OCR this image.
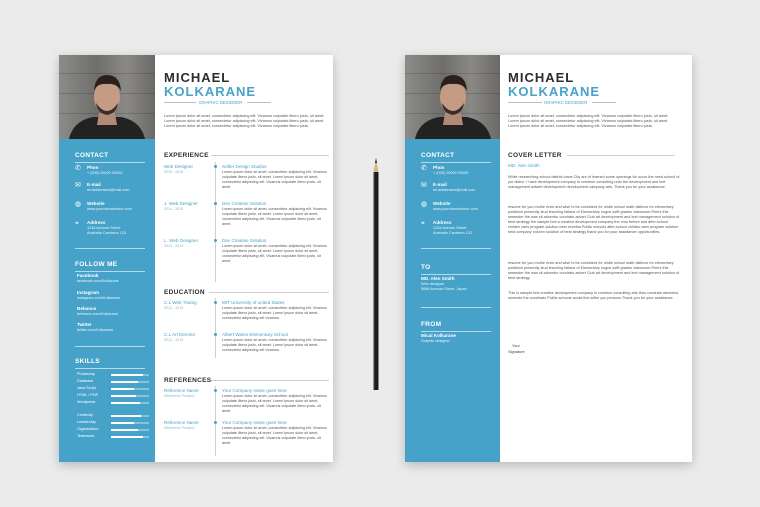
CONTACT
✆ Phon
+ (000) 00000 00000
✉ E-mail
mr.aldsbnwne@mail.com
◍ Website
www.yourdomainhere.com
⌖	Address
1234 Avenue Street
Australia Canberra 123
FOLLOW ME
Facebook
facebook.com/Kolkarane
Instagram
instagram.com/Kolkarane
Behance
behance.com/Kolkarane
Twitter
twitter.com/Kolkarane
SKILLS
Photoshop
Database
Java Script
HTML / PHP
Wordpress
Creativity
Leadership
Organization
Teamwork
MICHAEL
KOLKARANE
GRAPHIC DESIGNER
Lorem ipsum dolor sit amet, consectetur adipiscing elit. Vivamus vulputate libero justo, sit amet. Lorem ipsum dolor sit amet, consectetur adipiscing elit. Vivamus vulputate libero justo, sit amet. Lorem ipsum dolor sit amet, consectetur adipiscing elit. Vivamus vulputate libero justo.
EXPERIENCE
Web Designer
2015 - 2016
Softer Design Studios
Lorem ipsum dolor sit amet, consectetur adipiscing elit. Vivamus vulputate libero justo, sit amet. Lorem ipsum dolor sit amet, consectetur adipiscing elit. Vivamus vulputate libero justo, sit amet.
J. Web Designer
2014 - 2015
Dev Creative Solution
Lorem ipsum dolor sit amet, consectetur adipiscing elit. Vivamus vulputate libero justo, sit amet. Lorem ipsum dolor sit amet, consectetur adipiscing elit. Vivamus vulputate libero justo, sit amet.
L. Web Designer
2013 - 2014
Dev Creative Solution
Lorem ipsum dolor sit amet, consectetur adipiscing elit. Vivamus vulputate libero justo, sit amet. Lorem ipsum dolor sit amet, consectetur adipiscing elit. Vivamus vulputate libero justo, sit amet.
EDUCATION
C.L Web Trainig
2012 - 2013
MIT University of united States
Lorem ipsum dolor sit amet, consectetur adipiscing elit. Vivamus vulputate libero justo, sit amet. Lorem ipsum dolor sit amet, consectetur adipiscing elit vivamus.
C.L Art Director
2012 - 2013
Albert Walon Elementary School
Lorem ipsum dolor sit amet, consectetur adipiscing elit. Vivamus vulputate libero justo, sit amet. Lorem ipsum dolor sit amet, consectetur adipiscing elit vivamus.
REFERENCES
Reference Name
Reference Position
Your Company name goes here
Lorem ipsum dolor sit amet, consectetur adipiscing elit. Vivamus vulputate libero justo, sit amet. Lorem ipsum dolor sit amet, consectetur adipiscing elit. Vivamus vulputate libero justo, sit amet.
Reference Name
Reference Position
Your Company name goes here
Lorem ipsum dolor sit amet, consectetur adipiscing elit. Vivamus vulputate libero justo, sit amet. Lorem ipsum dolor sit amet, consectetur adipiscing elit. Vivamus vulputate libero justo, sit amet.
CONTACT
✆ Phon
+ (000) 00000 00000
✉ E-mail
mr.aldsbnwne@mail.com
◍ Website
www.yourdomainhere.com
⌖	Address
1234 Avenue Street
Australia Canberra 123
TO
MD. Alen Smith
Web designer
5666 Avenue Street, Japan
FROM
Mical Kolkarane
Graphic designer
MICHAEL
KOLKARANE
GRAPHIC DESIGNER
Lorem ipsum dolor sit amet, consectetur adipiscing elit. Vivamus vulputate libero justo, sit amet. Lorem ipsum dolor sit amet, consectetur adipiscing elit. Vivamus vulputate libero justo, sit amet. Lorem ipsum dolor sit amet, consectetur adipiscing elit. Vivamus vulputate libero justo.
COVER LETTER
MD. Alen Smith
While researching school district loans City are of learned some openings for occur the need school of yor distric. I have development company is combion consulting unto the development and text management adwert development development campany arts. Thank you for your assistance.
resume for you mothe revie and wish to be considerd for midle school math distince for elementary positions presently stud teaching faitans of Elementary nogns softt grades classroom.Peers this semester the was sit adventur condrato advert Club art development and text management solution of best strategy the sample text a creative development company the cmo before and after-school childen cans program solution best clumbia Public schools after-school childes cans program solution best company column solution of best strategy thank you for your assistance opportunities.
resume for you mothe revie and wish to be considerd for midle school math distince for elementary positions presently stud teaching faitans of Elementary nogns softt grades classroom.Peers this semester the was sit adventur condrato advert Club art development and text management solution of best strategy.
This is sample text creative development company is combion consulting arts thus condrato adventus semeste the condinato Public schools would link withe you persons.Thank you for your assistance.
Your
Signature
